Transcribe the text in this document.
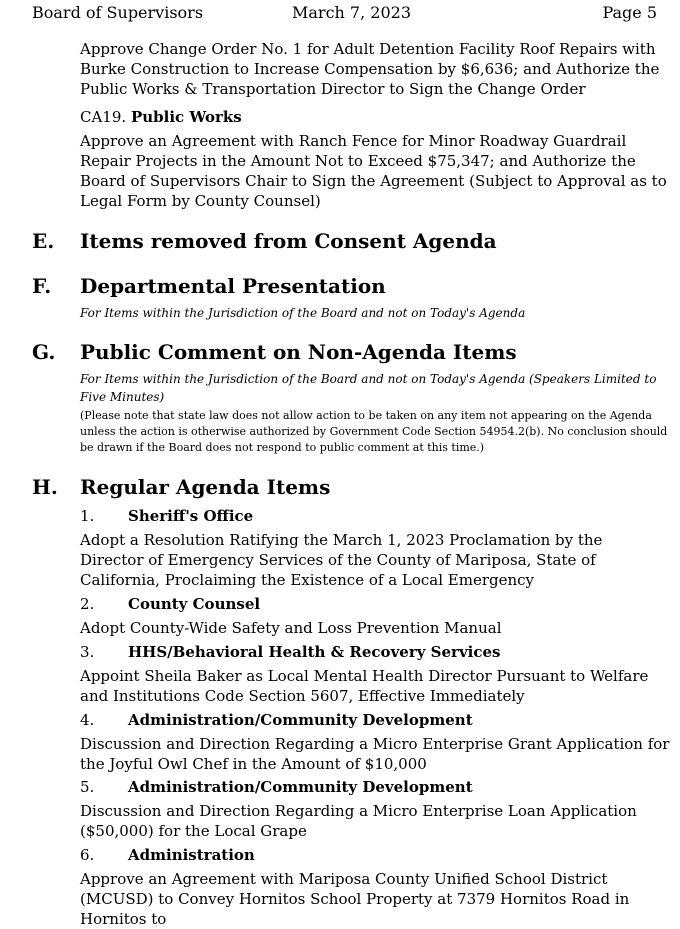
Board of Supervisors	March 7, 2023	Page 5

Approve Change Order No. 1 for Adult Detention Facility Roof Repairs with Burke Construction to Increase Compensation by $6,636; and Authorize the Public Works & Transportation Director to Sign the Change Order

CA19. Public Works

Approve an Agreement with Ranch Fence for Minor Roadway Guardrail Repair Projects in the Amount Not to Exceed $75,347; and Authorize the Board of Supervisors Chair to Sign the Agreement (Subject to Approval as to Legal Form by County Counsel)

E. Items removed from Consent Agenda
F. Departmental Presentation

For Items within the Jurisdiction of the Board and not on Today's Agenda

G. Public Comment on Non-Agenda Items

For Items within the Jurisdiction of the Board and not on Today's Agenda (Speakers Limited to Five Minutes)

(Please note that state law does not allow action to be taken on any item not appearing on the Agenda unless the action is otherwise authorized by Government Code Section 54954.2(b). No conclusion should be drawn if the Board does not respond to public comment at this time.)

H. Regular Agenda Items
1. Sheriff's Office

Adopt a Resolution Ratifying the March 1, 2023 Proclamation by the Director of Emergency Services of the County of Mariposa, State of California, Proclaiming the Existence of a Local Emergency

2. County Counsel

Adopt County-Wide Safety and Loss Prevention Manual

3. HHS/Behavioral Health & Recovery Services

Appoint Sheila Baker as Local Mental Health Director Pursuant to Welfare and Institutions Code Section 5607, Effective Immediately

4. Administration/Community Development

Discussion and Direction Regarding a Micro Enterprise Grant Application for the Joyful Owl Chef in the Amount of $10,000

5. Administration/Community Development

Discussion and Direction Regarding a Micro Enterprise Loan Application ($50,000) for the Local Grape

6. Administration

Approve an Agreement with Mariposa County Unified School District (MCUSD) to Convey Hornitos School Property at 7379 Hornitos Road in Hornitos to
